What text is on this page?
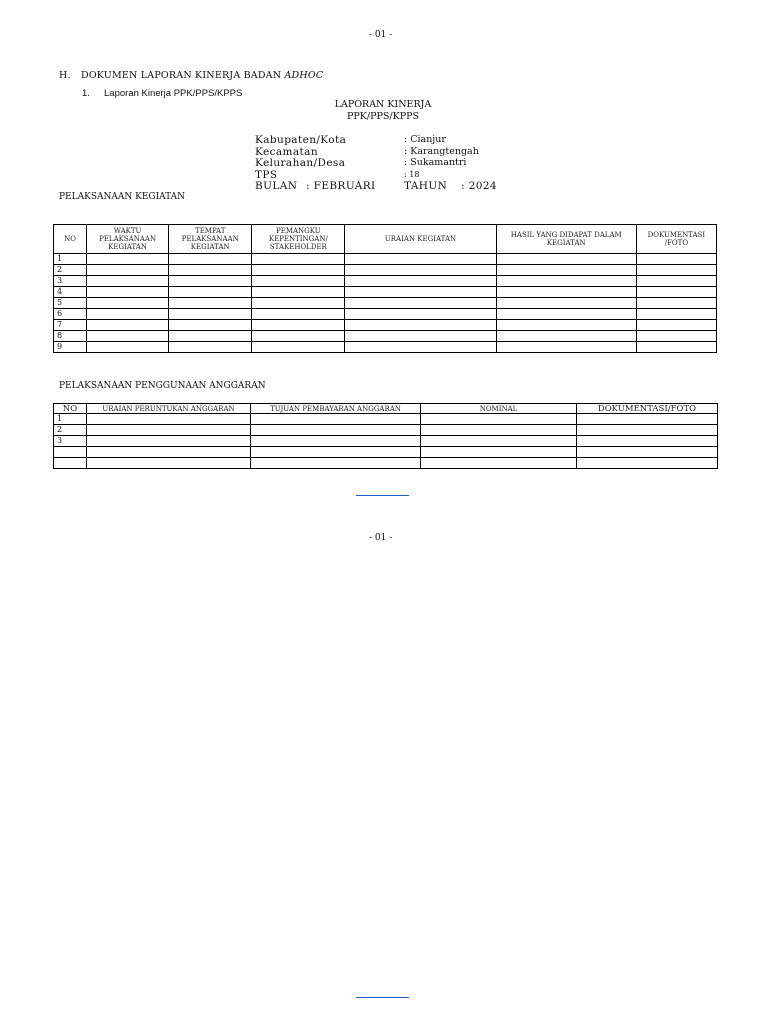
- 01 -
H. DOKUMEN LAPORAN KINERJA BADAN ADHOC
1. Laporan Kinerja PPK/PPS/KPPS
LAPORAN KINERJA
PPK/PPS/KPPS
Kabupaten/Kota	: Cianjur
Kecamatan	: Karangtengah
Kelurahan/Desa	: Sukamantri
TPS	: 18
BULAN : FEBRUARI	TAHUN : 2024
PELAKSANAAN KEGIATAN
NO	WAKTU PELAKSANAAN KEGIATAN	TEMPAT PELAKSANAAN KEGIATAN	PEMANGKU KEPENTINGAN/ STAKEHOLDER	URAIAN KEGIATAN	HASIL YANG DIDAPAT DALAM KEGIATAN	DOKUMENTASI /FOTO
1						
2						
3						
4						
5						
6						
7						
8						
9						
PELAKSANAAN PENGGUNAAN ANGGARAN
NO	URAIAN PERUNTUKAN ANGGARAN	TUJUAN PEMBAYARAN ANGGARAN	NOMINAL	DOKUMENTASI/FOTO
1				
2				
3				

- 01 -
